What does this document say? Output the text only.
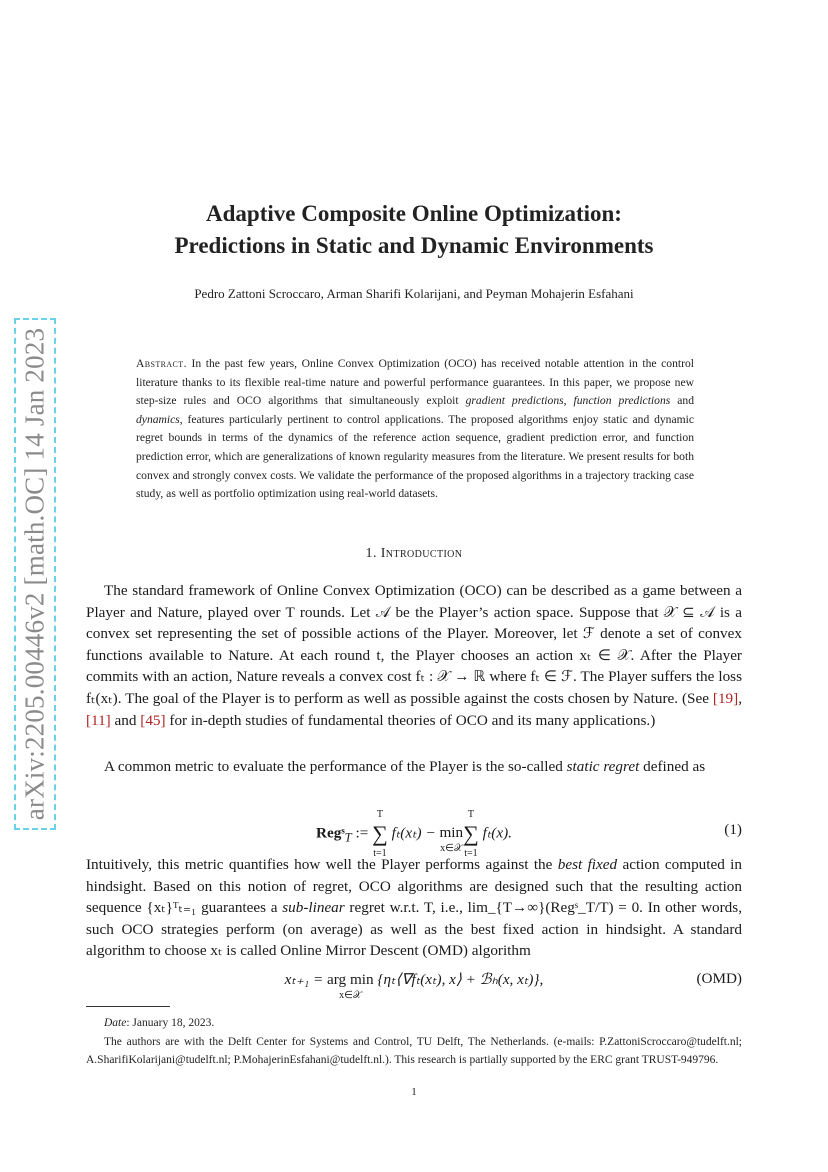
arXiv:2205.00446v2 [math.OC] 14 Jan 2023
Adaptive Composite Online Optimization:
Predictions in Static and Dynamic Environments
Pedro Zattoni Scroccaro, Arman Sharifi Kolarijani, and Peyman Mohajerin Esfahani
Abstract. In the past few years, Online Convex Optimization (OCO) has received notable attention in the control literature thanks to its flexible real-time nature and powerful performance guarantees. In this paper, we propose new step-size rules and OCO algorithms that simultaneously exploit gradient predictions, function predictions and dynamics, features particularly pertinent to control applications. The proposed algorithms enjoy static and dynamic regret bounds in terms of the dynamics of the reference action sequence, gradient prediction error, and function prediction error, which are generalizations of known regularity measures from the literature. We present results for both convex and strongly convex costs. We validate the performance of the proposed algorithms in a trajectory tracking case study, as well as portfolio optimization using real-world datasets.
1. Introduction
The standard framework of Online Convex Optimization (OCO) can be described as a game between a Player and Nature, played over T rounds. Let 𝒜 be the Player’s action space. Suppose that 𝒳 ⊆ 𝒜 is a convex set representing the set of possible actions of the Player. Moreover, let ℱ denote a set of convex functions available to Nature. At each round t, the Player chooses an action xₜ ∈ 𝒳. After the Player commits with an action, Nature reveals a convex cost fₜ : 𝒳 → ℝ where fₜ ∈ ℱ. The Player suffers the loss fₜ(xₜ). The goal of the Player is to perform as well as possible against the costs chosen by Nature. (See [19], [11] and [45] for in-depth studies of fundamental theories of OCO and its many applications.)
A common metric to evaluate the performance of the Player is the so-called static regret defined as
Regˢ$_T$ := ∑
T
t=1
fₜ(xₜ) − min
x∈𝒳
∑
T
t=1
fₜ(x).	(1)
Intuitively, this metric quantifies how well the Player performs against the best fixed action computed in hindsight. Based on this notion of regret, OCO algorithms are designed such that the resulting action sequence {xₜ}ᵀₜ₌₁ guarantees a sub-linear regret w.r.t. T, i.e., lim_{T→∞}(Regˢ_T/T) = 0. In other words, such OCO strategies perform (on average) as well as the best fixed action in hindsight. A standard algorithm to choose xₜ is called Online Mirror Descent (OMD) algorithm
xₜ₊₁ = arg min
x∈𝒳
{ηₜ⟨∇fₜ(xₜ), x⟩ + ℬₕ(x, xₜ)},	(OMD)

Date: January 18, 2023.

The authors are with the Delft Center for Systems and Control, TU Delft, The Netherlands. (e-mails: P.ZattoniScroccaro@tudelft.nl; A.SharifiKolarijani@tudelft.nl; P.MohajerinEsfahani@tudelft.nl.). This research is partially supported by the ERC grant TRUST-949796.

1
